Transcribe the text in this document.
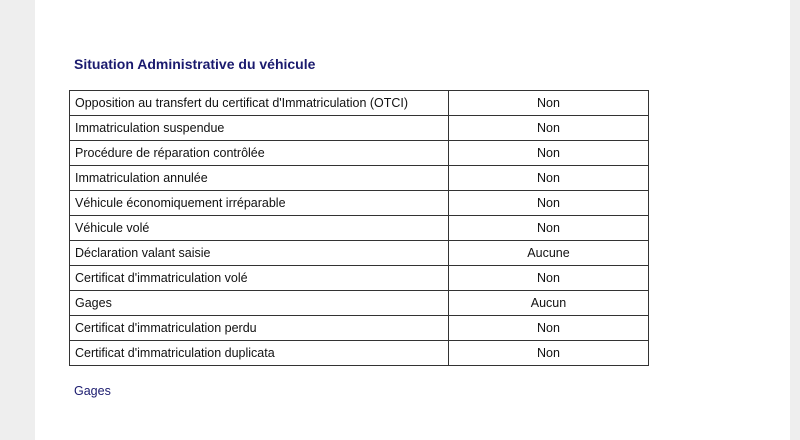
Situation Administrative du véhicule
Opposition au transfert du certificat d'Immatriculation (OTCI)	Non
Immatriculation suspendue	Non
Procédure de réparation contrôlée	Non
Immatriculation annulée	Non
Véhicule économiquement irréparable	Non
Véhicule volé	Non
Déclaration valant saisie	Aucune
Certificat d'immatriculation volé	Non
Gages	Aucun
Certificat d'immatriculation perdu	Non
Certificat d'immatriculation duplicata	Non
Gages
